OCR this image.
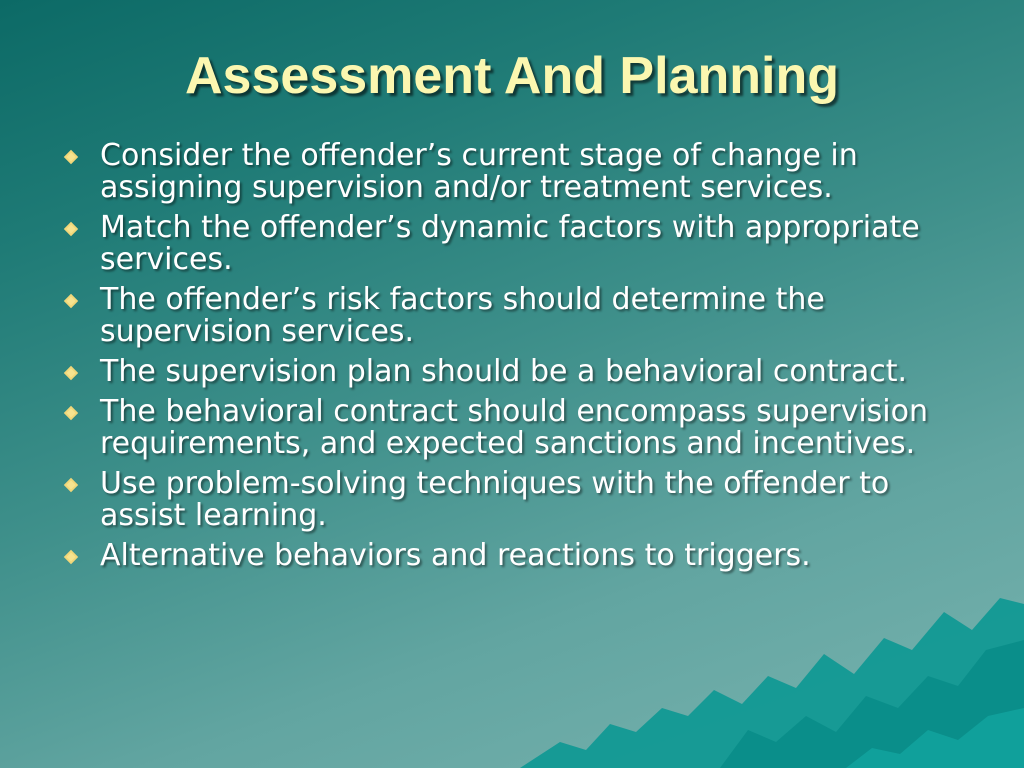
Assessment And Planning
Consider the offender’s current stage of change in assigning supervision and/or treatment services.
Match the offender’s dynamic factors with appropriate services.
The offender’s risk factors should determine the supervision services.
The supervision plan should be a behavioral contract.
The behavioral contract should encompass supervision requirements, and expected sanctions and incentives.
Use problem-solving techniques with the offender to assist learning.
Alternative behaviors and reactions to triggers.
